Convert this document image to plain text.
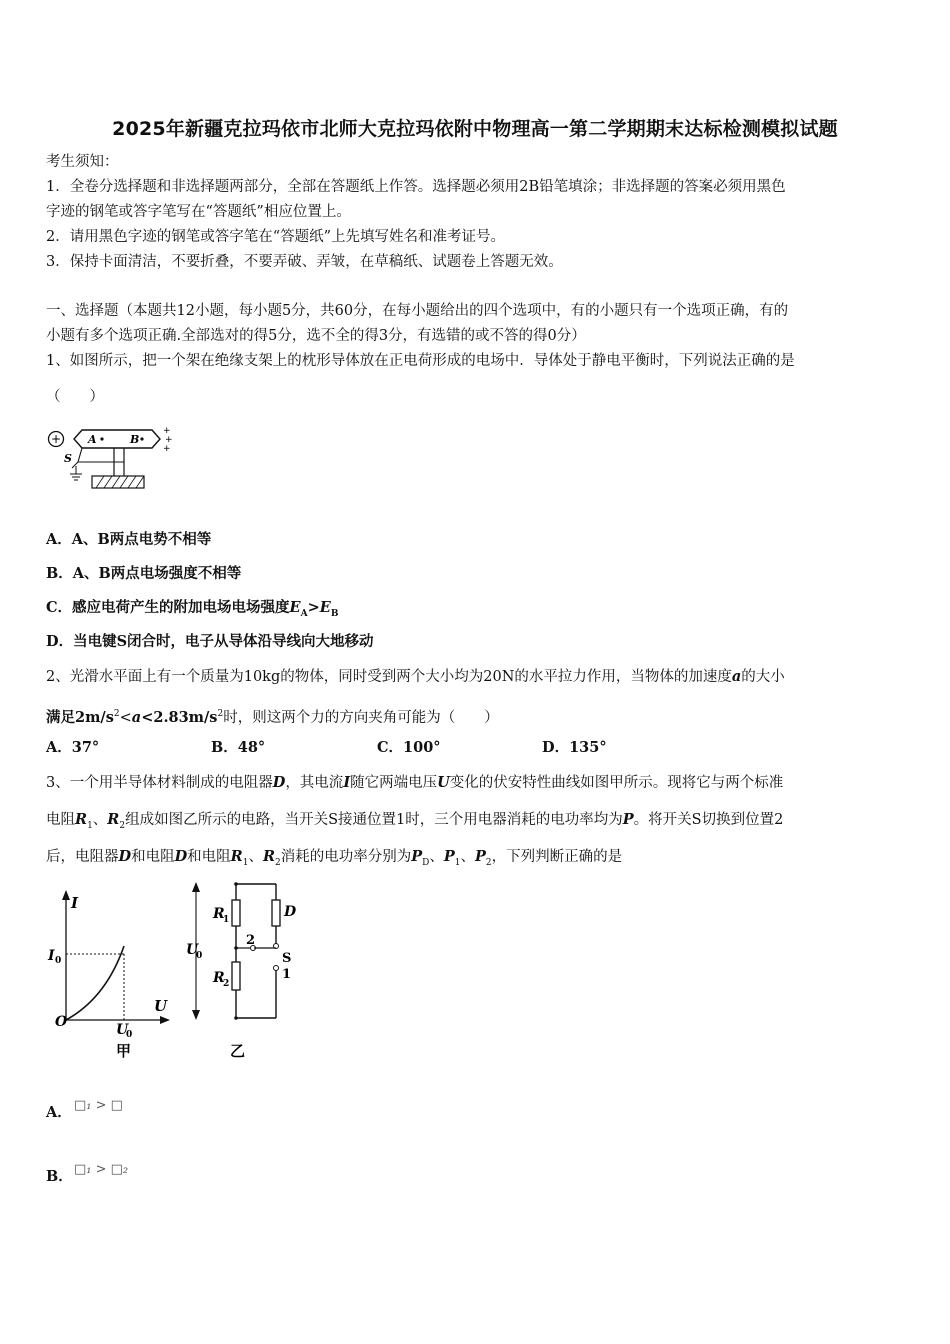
2025年新疆克拉玛依市北师大克拉玛依附中物理高一第二学期期末达标检测模拟试题
考生须知：
1．全卷分选择题和非选择题两部分，全部在答题纸上作答。选择题必须用2B铅笔填涂；非选择题的答案必须用黑色
字迹的钢笔或答字笔写在“答题纸”相应位置上。
2．请用黑色字迹的钢笔或答字笔在“答题纸”上先填写姓名和准考证号。
3．保持卡面清洁，不要折叠，不要弄破、弄皱，在草稿纸、试题卷上答题无效。
一、选择题（本题共12小题，每小题5分，共60分，在每小题给出的四个选项中，有的小题只有一个选项正确，有的
小题有多个选项正确.全部选对的得5分，选不全的得3分，有选错的或不答的得0分）
1、如图所示，把一个架在绝缘支架上的枕形导体放在正电荷形成的电场中．导体处于静电平衡时，下列说法正确的是
（　　）
+ A	B
+
+
+
S
A．A、B两点电势不相等
B．A、B两点电场强度不相等
C．感应电荷产生的附加电场电场强度$E_A>E_B$
D．当电键S闭合时，电子从导体沿导线向大地移动
2、光滑水平面上有一个质量为10kg的物体，同时受到两个大小均为20N的水平拉力作用，当物体的加速度a的大小
满足$2m/s^2<a<2.83m/s^2$时，则这两个力的方向夹角可能为（　　）
A．37°	B．48°	C．100°	D．135°
3、一个用半导体材料制成的电阻器D，其电流I随它两端电压U变化的伏安特性曲线如图甲所示。现将它与两个标准
电阻$R_1$、$R_2$组成如图乙所示的电路，当开关S接通位置1时，三个用电器消耗的电功率均为P。将开关S切换到位置2
后，电阻器D和电阻D和电阻$R_1$、$R_2$消耗的电功率分别为$P_D$、$P_1$、$P_2$，下列判断正确的是
I
I 0
U
U
0
O
甲
U
0
R
1
R
2
D
2
S
1
乙
A． □₁ > □
B． □₁ > □₂
